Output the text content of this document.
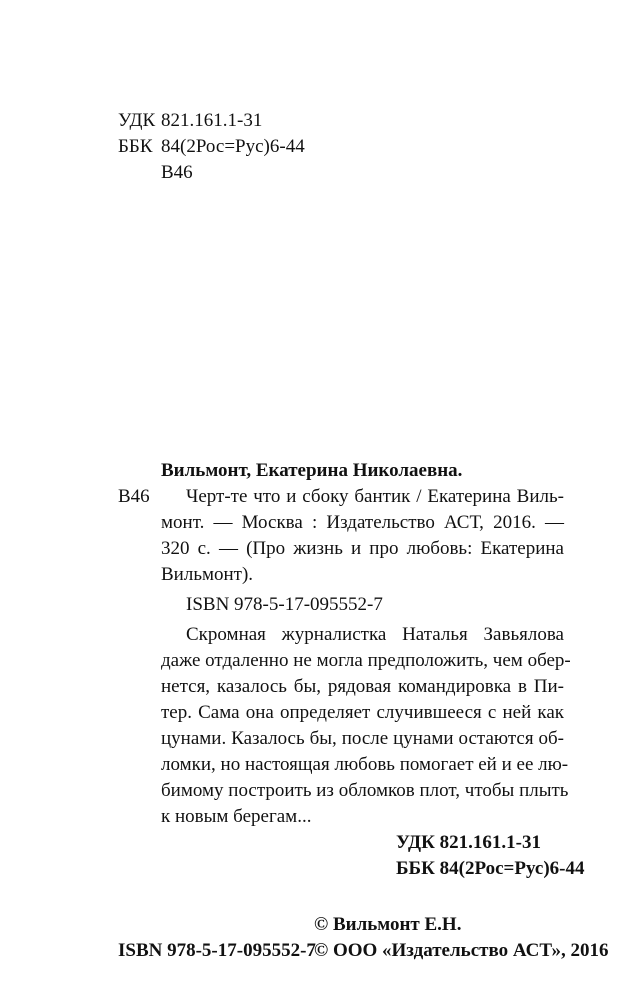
УДК 821.161.1-31
ББК 84(2Рос=Рус)6-44
В46
Вильмонт, Екатерина Николаевна.
В46 Черт-те что и сбоку бантик / Екатерина Виль-
монт. — Москва : Издательство АСТ, 2016. —
320 с. — (Про жизнь и про любовь: Екатерина
Вильмонт).
ISBN 978-5-17-095552-7
Скромная журналистка Наталья Завьялова
даже отдаленно не могла предположить, чем обер-
нется, казалось бы, рядовая командировка в Пи-
тер. Сама она определяет случившееся с ней как
цунами. Казалось бы, после цунами остаются об-
ломки, но настоящая любовь помогает ей и ее лю-
бимому построить из обломков плот, чтобы плыть
к новым берегам...
УДК 821.161.1-31
ББК 84(2Рос=Рус)6-44
© Вильмонт Е.Н.
ISBN 978-5-17-095552-7
© ООО «Издательство АСТ», 2016
